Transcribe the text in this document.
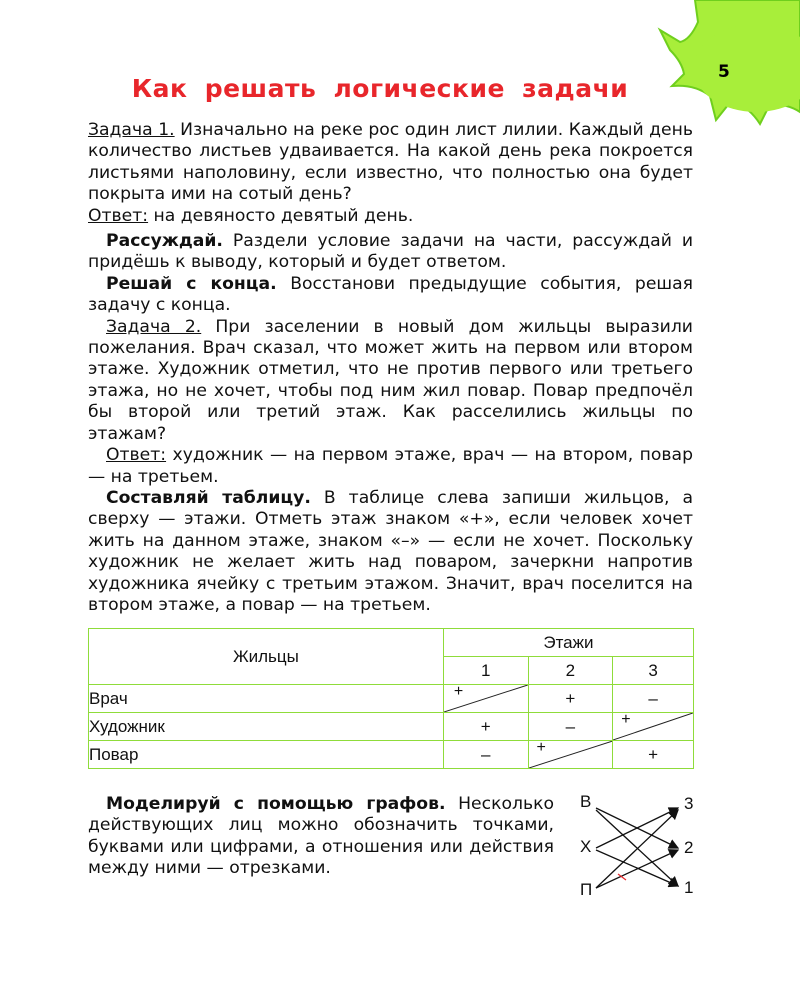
5
Как решать логические задачи

Задача 1. Изначально на реке рос один лист лилии. Каждый день количество листьев удваивается. На какой день река покроется листьями наполовину, если известно, что полностью она будет покрыта ими на сотый день?

Ответ: на девяносто девятый день.

Рассуждай. Раздели условие задачи на части, рассуждай и придёшь к выводу, который и будет ответом.

Решай с конца. Восстанови предыдущие события, решая задачу с конца.

Задача 2. При заселении в новый дом жильцы выразили пожелания. Врач сказал, что может жить на первом или втором этаже. Художник отметил, что не против первого или третьего этажа, но не хочет, чтобы под ним жил повар. Повар предпочёл бы второй или третий этаж. Как расселились жильцы по этажам?

Ответ: художник — на первом этаже, врач — на втором, повар — на третьем.

Составляй таблицу. В таблице слева запиши жильцов, а сверху — этажи. Отметь этаж знаком «+», если человек хочет жить на данном этаже, знаком «–» — если не хочет. Поскольку художник не желает жить над поваром, зачеркни напротив художника ячейку с третьим этажом. Значит, врач поселится на втором этаже, а повар — на третьем.

Жильцы	Этажи		
	1	2	3
Врач	+	+	–
Художник	+	–	+

Повар	–	+	+

Моделируй с помощью графов. Несколько действующих лиц можно обозначить точками, буквами или цифрами, а отношения или действия между ними — отрезками.

В
Х
П
3
2
1
